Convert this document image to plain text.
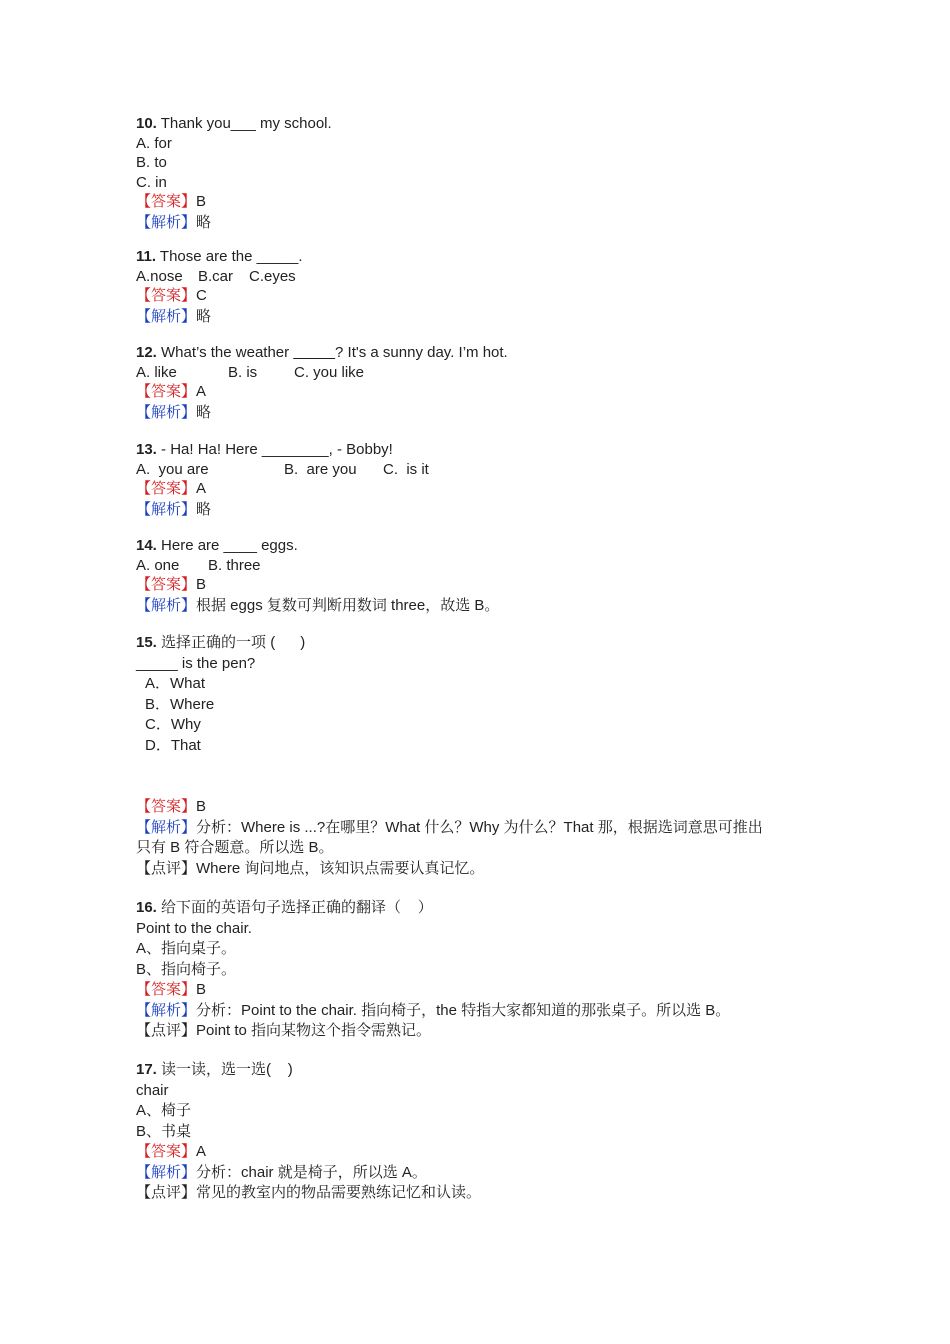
10. Thank you___ my school.
A. for
B. to
C. in
【答案】B
【解析】略
11. Those are the _____.
A.nose B.car C.eyes
【答案】C
【解析】略
12. What’s the weather _____? It's a sunny day. I’m hot.
A. like	B. is C. you like
【答案】A
【解析】略
13. - Ha! Ha! Here ________, - Bobby!
A.  you are	B.  are you C.  is it
【答案】A
【解析】略
14. Here are ____ eggs.
A. one B. three
【答案】B
【解析】根据 eggs 复数可判断用数词 three，故选 B。
15. 选择正确的一项 (      )
_____ is the pen?
A．What
B．Where
C．Why
D．That
【答案】B
【解析】分析：Where is ...?在哪里？What 什么？Why 为什么？That 那，根据选词意思可推出
只有 B 符合题意。所以选 B。
【点评】Where 询问地点，该知识点需要认真记忆。
16. 给下面的英语句子选择正确的翻译（    ）
Point to the chair.
A、指向桌子。
B、指向椅子。
【答案】B
【解析】分析：Point to the chair. 指向椅子，the 特指大家都知道的那张桌子。所以选 B。
【点评】Point to 指向某物这个指令需熟记。
17. 读一读，选一选(    )
chair
A、椅子
B、书桌
【答案】A
【解析】分析：chair 就是椅子，所以选 A。
【点评】常见的教室内的物品需要熟练记忆和认读。
